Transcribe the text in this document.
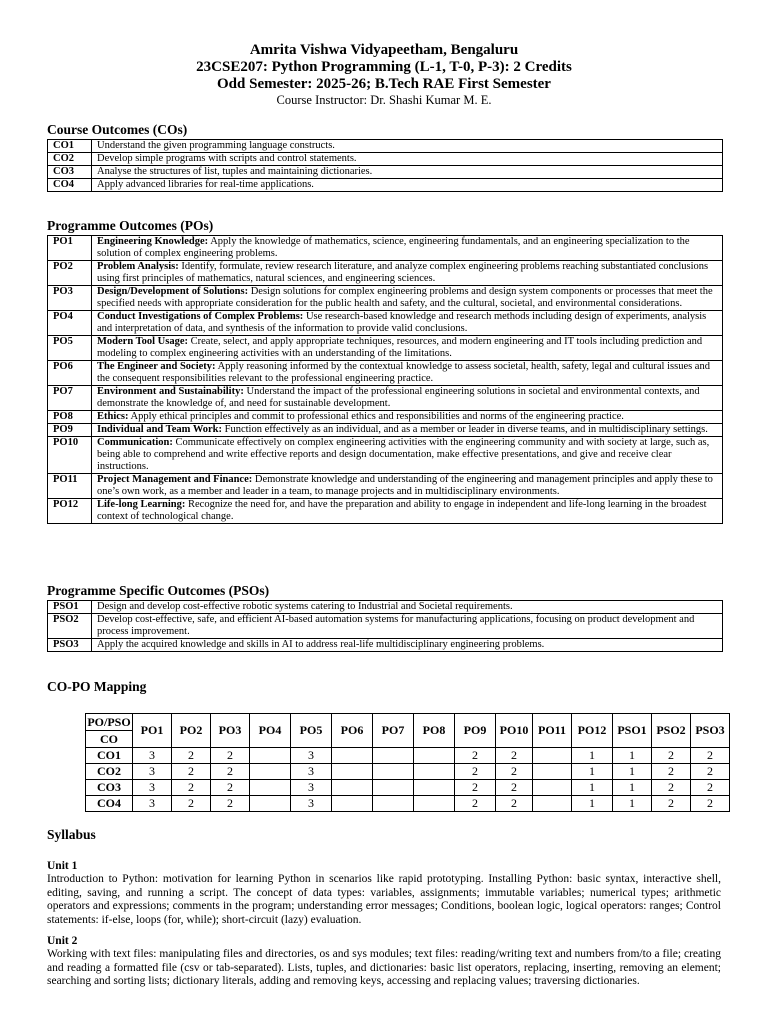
Amrita Vishwa Vidyapeetham, Bengaluru
23CSE207: Python Programming (L-1, T-0, P-3): 2 Credits
Odd Semester: 2025-26; B.Tech RAE First Semester
Course Instructor: Dr. Shashi Kumar M. E.
Course Outcomes (COs)
CO1	Understand the given programming language constructs.
CO2	Develop simple programs with scripts and control statements.
CO3	Analyse the structures of list, tuples and maintaining dictionaries.
CO4	Apply advanced libraries for real-time applications.
Programme Outcomes (POs)
PO1	Engineering Knowledge: Apply the knowledge of mathematics, science, engineering fundamentals, and an engineering specialization to the solution of complex engineering problems.
PO2	Problem Analysis: Identify, formulate, review research literature, and analyze complex engineering problems reaching substantiated conclusions using first principles of mathematics, natural sciences, and engineering sciences.
PO3	Design/Development of Solutions: Design solutions for complex engineering problems and design system components or processes that meet the specified needs with appropriate consideration for the public health and safety, and the cultural, societal, and environmental considerations.
PO4	Conduct Investigations of Complex Problems: Use research-based knowledge and research methods including design of experiments, analysis and interpretation of data, and synthesis of the information to provide valid conclusions.
PO5	Modern Tool Usage: Create, select, and apply appropriate techniques, resources, and modern engineering and IT tools including prediction and modeling to complex engineering activities with an understanding of the limitations.
PO6	The Engineer and Society: Apply reasoning informed by the contextual knowledge to assess societal, health, safety, legal and cultural issues and the consequent responsibilities relevant to the professional engineering practice.
PO7	Environment and Sustainability: Understand the impact of the professional engineering solutions in societal and environmental contexts, and demonstrate the knowledge of, and need for sustainable development.
PO8	Ethics: Apply ethical principles and commit to professional ethics and responsibilities and norms of the engineering practice.
PO9	Individual and Team Work: Function effectively as an individual, and as a member or leader in diverse teams, and in multidisciplinary settings.
PO10	Communication: Communicate effectively on complex engineering activities with the engineering community and with society at large, such as, being able to comprehend and write effective reports and design documentation, make effective presentations, and give and receive clear instructions.
PO11	Project Management and Finance: Demonstrate knowledge and understanding of the engineering and management principles and apply these to one’s own work, as a member and leader in a team, to manage projects and in multidisciplinary environments.
PO12	Life-long Learning: Recognize the need for, and have the preparation and ability to engage in independent and life-long learning in the broadest context of technological change.
Programme Specific Outcomes (PSOs)
PSO1	Design and develop cost-effective robotic systems catering to Industrial and Societal requirements.
PSO2	Develop cost-effective, safe, and efficient AI-based automation systems for manufacturing applications, focusing on product development and process improvement.
PSO3	Apply the acquired knowledge and skills in AI to address real-life multidisciplinary engineering problems.
CO-PO Mapping
PO/PSO
CO	PO1	PO2	PO3	PO4	PO5	PO6	PO7	PO8	PO9	PO10	PO11	PO12	PSO1	PSO2	PSO3
CO1	3	2	2		3				2	2		1	1	2	2
CO2	3	2	2		3				2	2		1	1	2	2
CO3	3	2	2		3				2	2		1	1	2	2
CO4	3	2	2		3				2	2		1	1	2	2
Syllabus
Unit 1
Introduction to Python: motivation for learning Python in scenarios like rapid prototyping. Installing Python: basic syntax, interactive shell, editing, saving, and running a script. The concept of data types: variables, assignments; immutable variables; numerical types; arithmetic operators and expressions; comments in the program; understanding error messages; Conditions, boolean logic, logical operators: ranges; Control statements: if-else, loops (for, while); short-circuit (lazy) evaluation.
Unit 2
Working with text files: manipulating files and directories, os and sys modules; text files: reading/writing text and numbers from/to a file; creating and reading a formatted file (csv or tab-separated). Lists, tuples, and dictionaries: basic list operators, replacing, inserting, removing an element; searching and sorting lists; dictionary literals, adding and removing keys, accessing and replacing values; traversing dictionaries.
